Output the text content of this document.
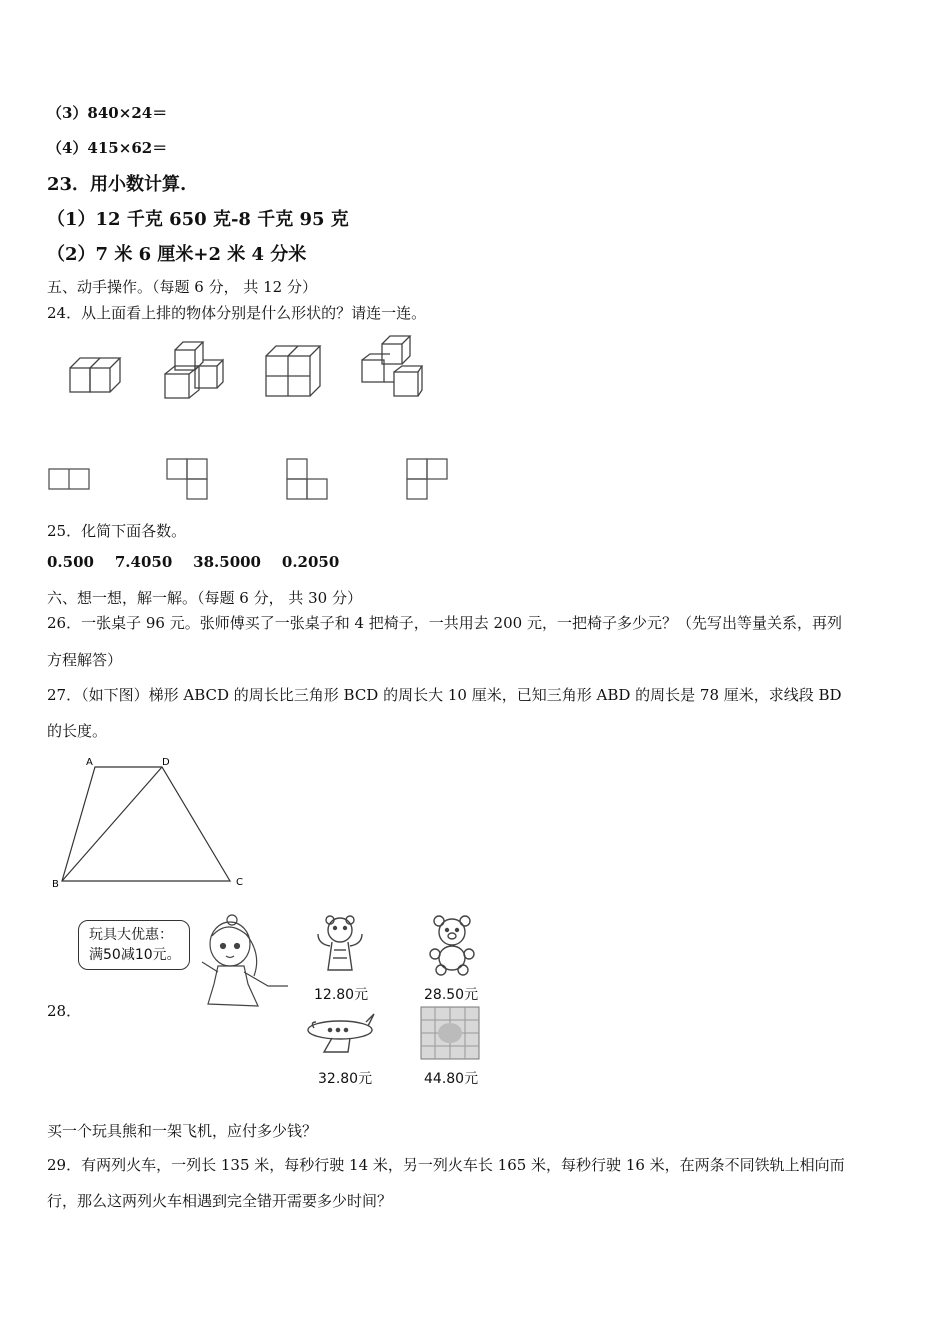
（3）840×24＝
（4）415×62＝
23．用小数计算.
（1）12 千克 650 克-8 千克 95 克
（2）7 米 6 厘米+2 米 4 分米
五、动手操作。（每题 6 分， 共 12 分）
24．从上面看上排的物体分别是什么形状的？请连一连。
25．化简下面各数。
0.500    7.4050    38.5000    0.2050
六、想一想，解一解。（每题 6 分， 共 30 分）
26．一张桌子 96 元。张师傅买了一张桌子和 4 把椅子，一共用去 200 元，一把椅子多少元？（先写出等量关系，再列
方程解答）
27．（如下图）梯形 ABCD 的周长比三角形 BCD 的周长大 10 厘米，已知三角形 ABD 的周长是 78 厘米，求线段 BD
的长度。
A	D
B	C
28．
玩具大优惠：
满50减10元。
12.80元	28.50元
32.80元	44.80元
买一个玩具熊和一架飞机，应付多少钱？
29．有两列火车，一列长 135 米，每秒行驶 14 米，另一列火车长 165 米，每秒行驶 16 米，在两条不同铁轨上相向而
行，那么这两列火车相遇到完全错开需要多少时间？
